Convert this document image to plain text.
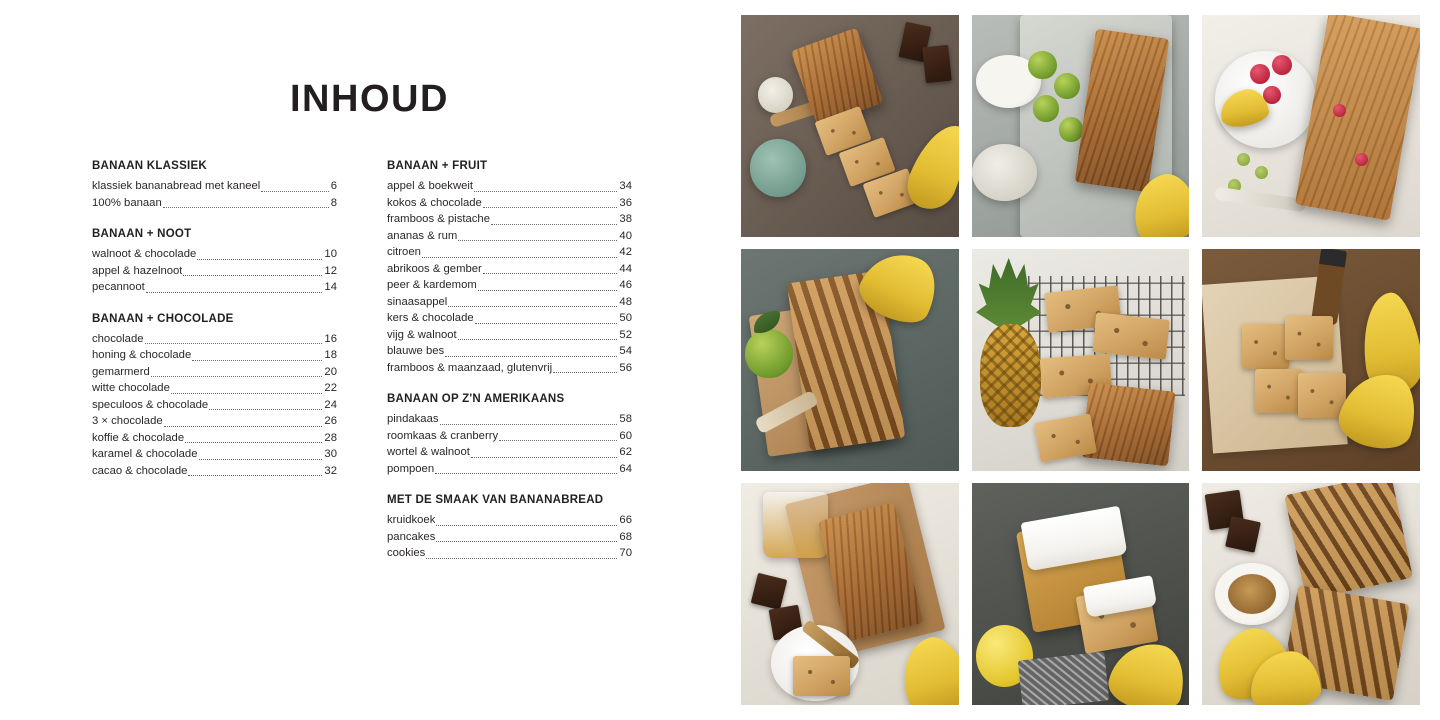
INHOUD
BANAAN KLASSIEK
klassiek bananabread met kaneel	6
100% banaan	8
BANAAN + NOOT
walnoot & chocolade	10
appel & hazelnoot	12
pecannoot	14
BANAAN + CHOCOLADE
chocolade	16
honing & chocolade	18
gemarmerd	20
witte chocolade	22
speculoos & chocolade	24
3 × chocolade	26
koffie & chocolade	28
karamel & chocolade	30
cacao & chocolade	32
BANAAN + FRUIT
appel & boekweit	34
kokos & chocolade	36
framboos & pistache	38
ananas & rum	40
citroen	42
abrikoos & gember	44
peer & kardemom	46
sinaasappel	48
kers & chocolade	50
vijg & walnoot	52
blauwe bes	54
framboos & maanzaad, glutenvrij	56
BANAAN OP Z'N AMERIKAANS
pindakaas	58
roomkaas & cranberry	60
wortel & walnoot	62
pompoen	64
MET DE SMAAK VAN BANANABREAD
kruidkoek	66
pancakes	68
cookies	70
